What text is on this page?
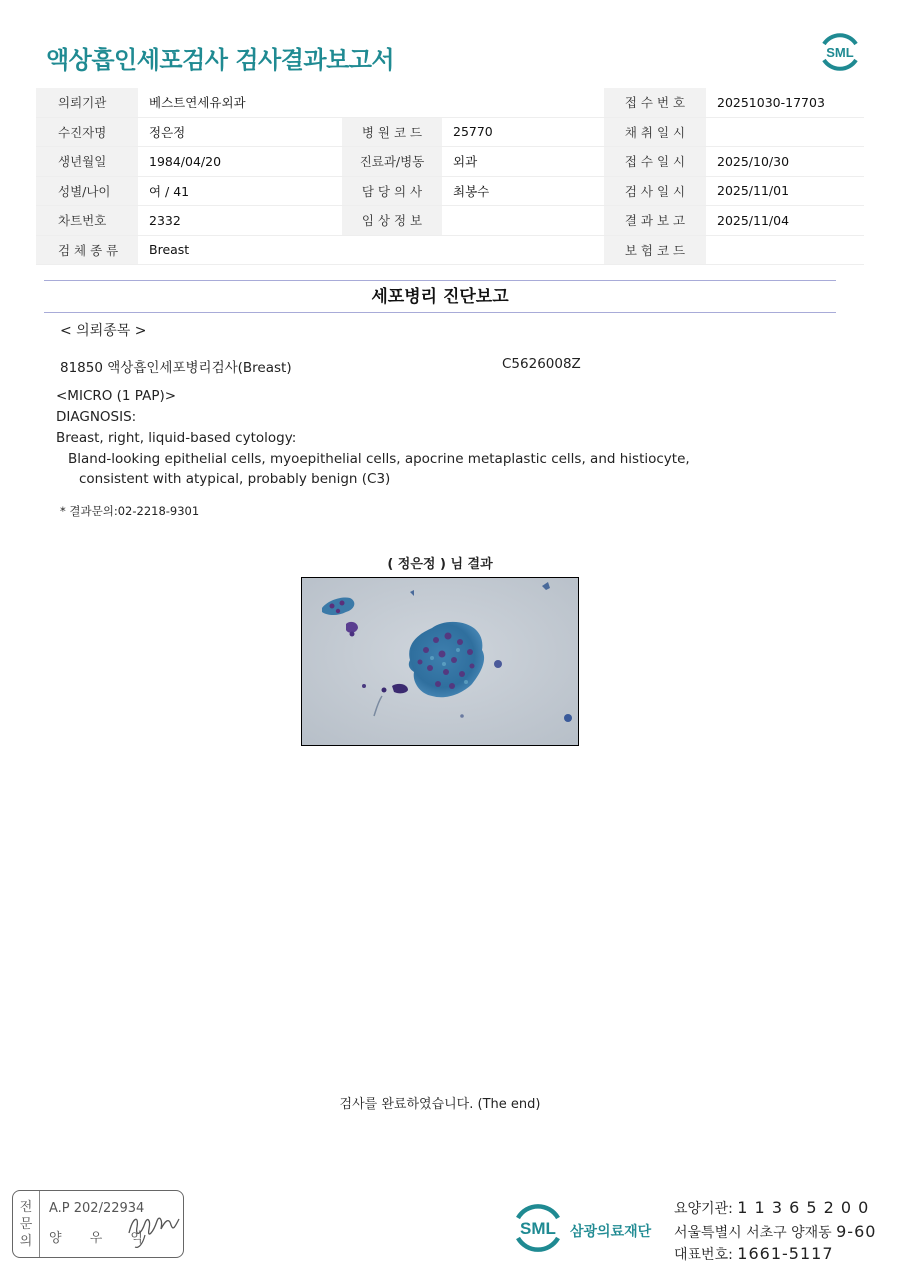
액상흡인세포검사 검사결과보고서	SML
의뢰기관	베스트연세유외과			접 수 번 호	20251030-17703
수진자명	정은정	병 원 코 드	25770	채 취 일 시	
생년월일	1984/04/20	진료과/병동	외과	접 수 일 시	2025/10/30
성별/나이	여 / 41	담 당 의 사	최봉수	검 사 일 시	2025/11/01
차트번호	2332	임 상 정 보		결 과 보 고	2025/11/04
검 체 종 류	Breast			보 험 코 드	
세포병리 진단보고
< 의뢰종목 >
81850 액상흡인세포병리검사(Breast)	C5626008Z
<MICRO (1 PAP)>
DIAGNOSIS:
Breast, right, liquid-based cytology:
Bland-looking epithelial cells, myoepithelial cells, apocrine metaplastic cells, and histiocyte,
consistent with atypical, probably benign (C3)
* 결과문의:02-2218-9301
( 정은정 ) 님 결과
검사를 완료하였습니다. (The end)
전
문
의
A.P 202/22934
양 우 익
SML 삼광의료재단
요양기관: 1 1 3 6 5 2 0 0
서울특별시 서초구 양재동 9-60
대표번호: 1661-5117
